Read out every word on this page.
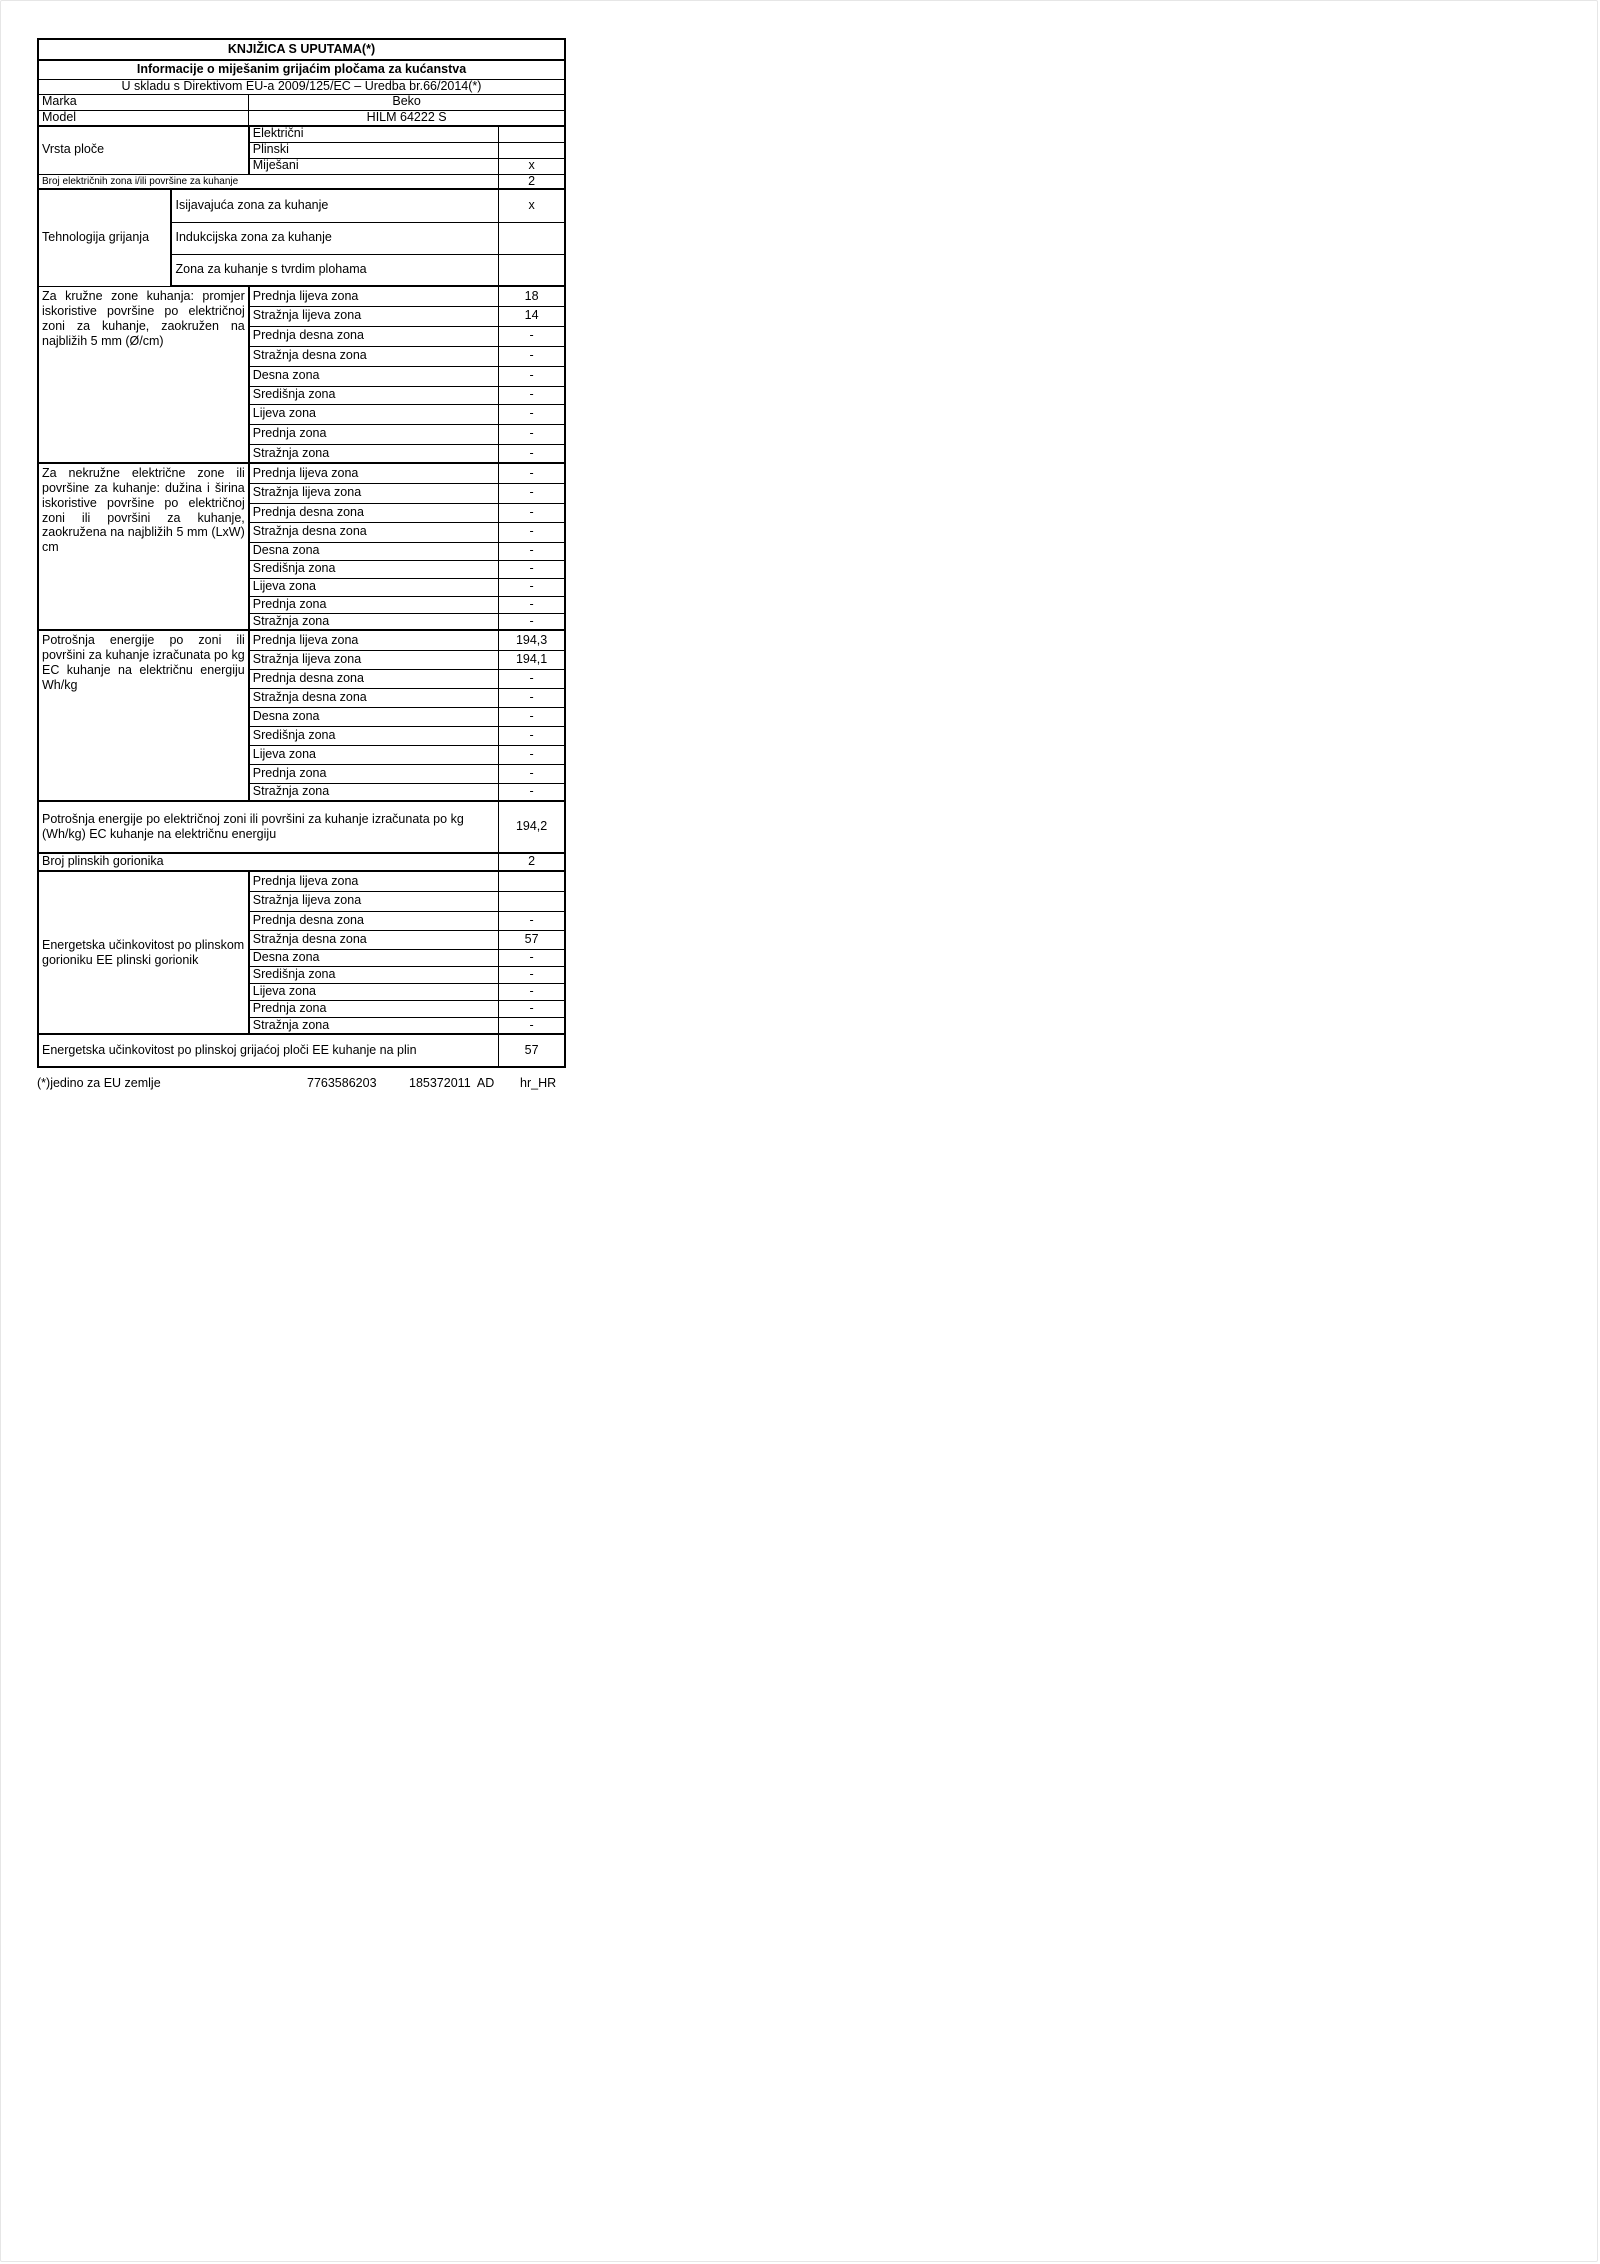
KNJIŽICA S UPUTAMA(*)			
Informacije o miješanim grijaćim pločama za kućanstva			
U skladu s Direktivom EU-a 2009/125/EC – Uredba br.66/2014(*)			
Marka		Beko	
Model		HILM 64222 S	
Vrsta ploče		Električni	
		Plinski	
		Miješani	x
Broj električnih zona i/ili površine za kuhanje			2
Tehnologija grijanja	Isijavajuća zona za kuhanje		x
	Indukcijska zona za kuhanje		
	Zona za kuhanje s tvrdim plohama		
Za kružne zone kuhanja: promjer iskoristive površine po električnoj zoni za kuhanje, zaokružen na najbližih 5 mm (Ø/cm)		Prednja lijeva zona	18
		Stražnja lijeva zona	14
		Prednja desna zona	-
		Stražnja desna zona	-
		Desna zona	-
		Središnja zona	-
		Lijeva zona	-
		Prednja zona	-
		Stražnja zona	-
Za nekružne električne zone ili površine za kuhanje: dužina i širina iskoristive površine po električnoj zoni ili površini za kuhanje, zaokružena na najbližih 5 mm (LxW) cm		Prednja lijeva zona	-
		Stražnja lijeva zona	-
		Prednja desna zona	-
		Stražnja desna zona	-
		Desna zona	-
		Središnja zona	-
		Lijeva zona	-
		Prednja zona	-
		Stražnja zona	-
Potrošnja energije po zoni ili površini za kuhanje izračunata po kg EC kuhanje na električnu energiju Wh/kg		Prednja lijeva zona	194,3
		Stražnja lijeva zona	194,1
		Prednja desna zona	-
		Stražnja desna zona	-
		Desna zona	-
		Središnja zona	-
		Lijeva zona	-
		Prednja zona	-
		Stražnja zona	-
Potrošnja energije po električnoj zoni ili površini za kuhanje izračunata po kg (Wh/kg) EC kuhanje na električnu energiju			194,2
Broj plinskih gorionika			2
Energetska učinkovitost po plinskom gorioniku EE plinski gorionik		Prednja lijeva zona	
		Stražnja lijeva zona	
		Prednja desna zona	-
		Stražnja desna zona	57
		Desna zona	-
		Središnja zona	-
		Lijeva zona	-
		Prednja zona	-
		Stražnja zona	-
Energetska učinkovitost po plinskoj grijaćoj ploči EE kuhanje na plin			57
(*)jedino za EU zemlje	7763586203	185372011  AD hr_HR
